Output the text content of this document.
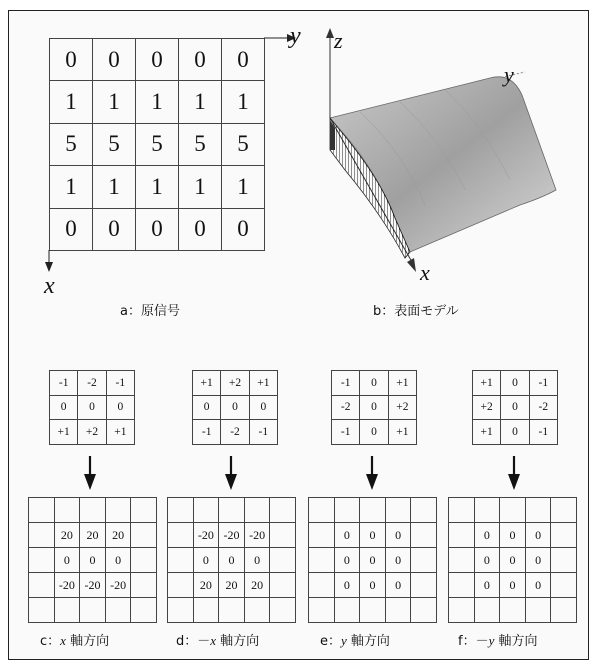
0	0	0	0	0
1	1	1	1	1
5	5	5	5	5
1	1	1	1	1
0	0	0	0	0
y
x
a：原信号
z
y
x
b：表面モデル
-1	-2	-1
0	0	0
+1	+2	+1
+1	+2	+1
0	0	0
-1	-2	-1
-1	0	+1
-2	0	+2
-1	0	+1
+1	0	-1
+2	0	-2
+1	0	-1
20	20	20
0	0	0
-20 -20 -20
-20 -20 -20
0	0	0
20	20	20
0	0	0
0	0	0
0	0	0
0	0	0
0	0	0
0	0	0
c：x 軸方向	d：－x 軸方向	e：y 軸方向	f：－y 軸方向
